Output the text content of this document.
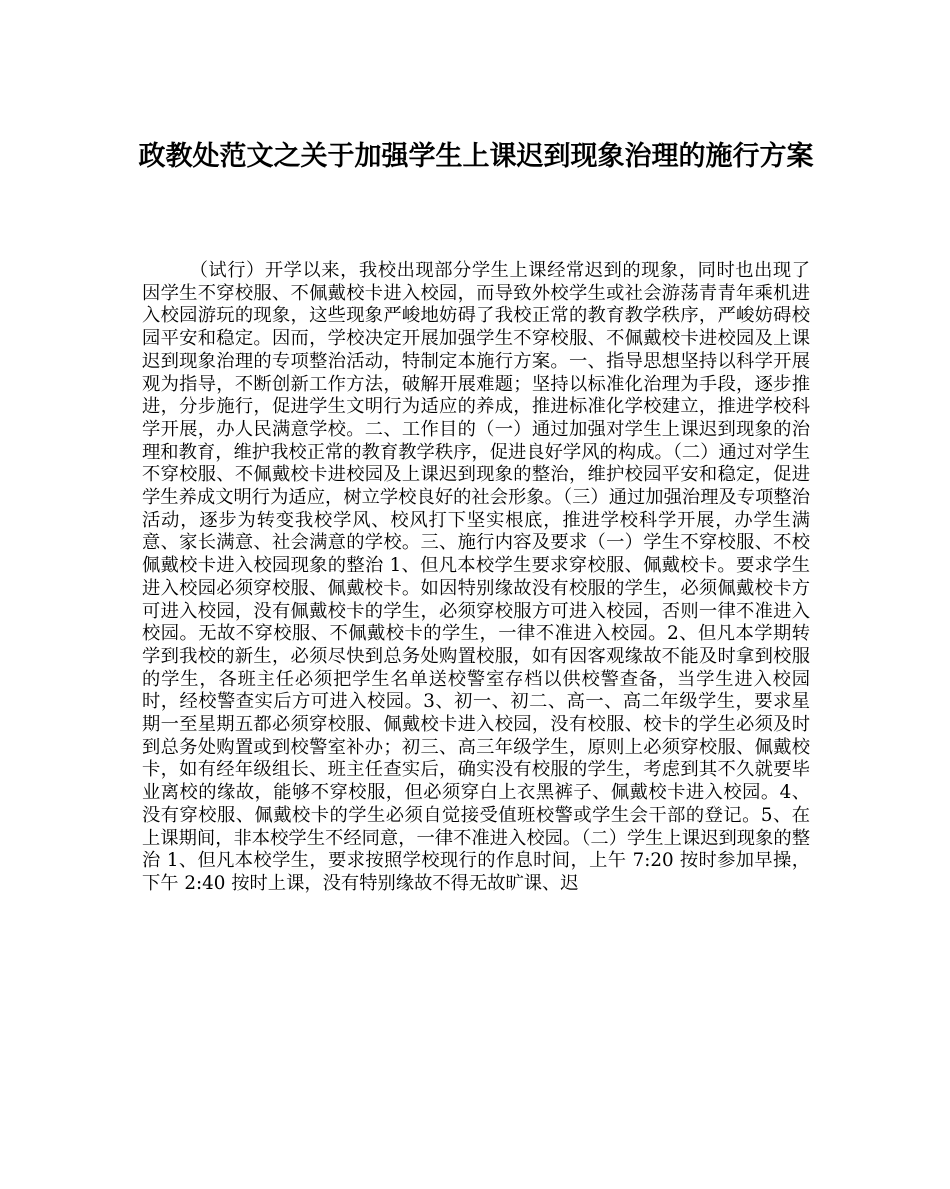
政教处范文之关于加强学生上课迟到现象治理的施行方案

（试行）开学以来，我校出现部分学生上课经常迟到的现象，同时也出现了因学生不穿校服、不佩戴校卡进入校园，而导致外校学生或社会游荡青青年乘机进入校园游玩的现象，这些现象严峻地妨碍了我校正常的教育教学秩序，严峻妨碍校园平安和稳定。因而，学校决定开展加强学生不穿校服、不佩戴校卡进校园及上课迟到现象治理的专项整治活动，特制定本施行方案。一、指导思想坚持以科学开展观为指导，不断创新工作方法，破解开展难题；坚持以标准化治理为手段，逐步推进，分步施行，促进学生文明行为适应的养成，推进标准化学校建立，推进学校科学开展，办人民满意学校。二、工作目的（一）通过加强对学生上课迟到现象的治理和教育，维护我校正常的教育教学秩序，促进良好学风的构成。（二）通过对学生不穿校服、不佩戴校卡进校园及上课迟到现象的整治，维护校园平安和稳定，促进学生养成文明行为适应，树立学校良好的社会形象。（三）通过加强治理及专项整治活动，逐步为转变我校学风、校风打下坚实根底，推进学校科学开展，办学生满意、家长满意、社会满意的学校。三、施行内容及要求（一）学生不穿校服、不校佩戴校卡进入校园现象的整治 1、但凡本校学生要求穿校服、佩戴校卡。要求学生进入校园必须穿校服、佩戴校卡。如因特别缘故没有校服的学生，必须佩戴校卡方可进入校园，没有佩戴校卡的学生，必须穿校服方可进入校园，否则一律不准进入校园。无故不穿校服、不佩戴校卡的学生，一律不准进入校园。2、但凡本学期转学到我校的新生，必须尽快到总务处购置校服，如有因客观缘故不能及时拿到校服的学生，各班主任必须把学生名单送校警室存档以供校警查备，当学生进入校园时，经校警查实后方可进入校园。3、初一、初二、高一、高二年级学生，要求星期一至星期五都必须穿校服、佩戴校卡进入校园，没有校服、校卡的学生必须及时到总务处购置或到校警室补办；初三、高三年级学生，原则上必须穿校服、佩戴校卡，如有经年级组长、班主任查实后，确实没有校服的学生，考虑到其不久就要毕业离校的缘故，能够不穿校服，但必须穿白上衣黑裤子、佩戴校卡进入校园。4、没有穿校服、佩戴校卡的学生必须自觉接受值班校警或学生会干部的登记。5、在上课期间，非本校学生不经同意，一律不准进入校园。（二）学生上课迟到现象的整治 1、但凡本校学生，要求按照学校现行的作息时间，上午 7:20 按时参加早操，下午 2:40 按时上课，没有特别缘故不得无故旷课、迟
